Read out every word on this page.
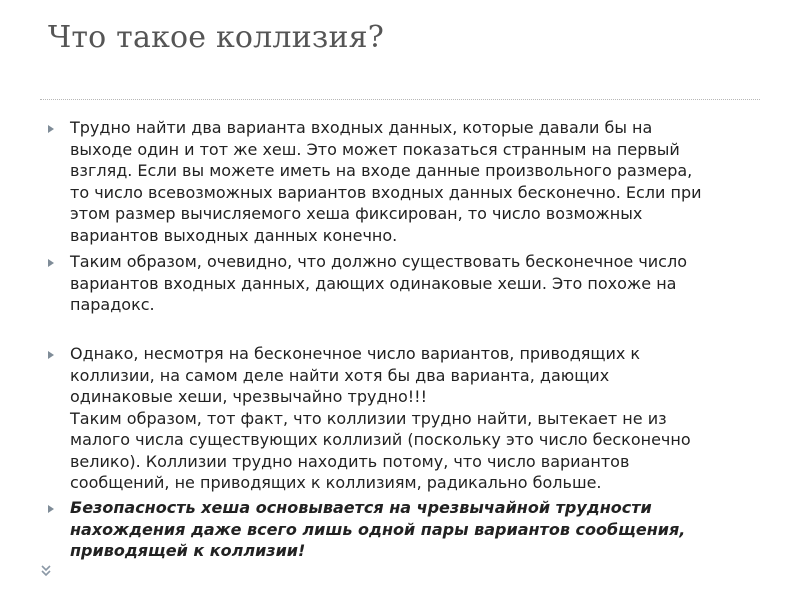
Что такое коллизия?
Трудно найти два варианта входных данных, которые давали бы на
выходе один и тот же хеш. Это может показаться странным на первый
взгляд. Если вы можете иметь на входе данные произвольного размера,
то число всевозможных вариантов входных данных бесконечно. Если при
этом размер вычисляемого хеша фиксирован, то число возможных
вариантов выходных данных конечно.
Таким образом, очевидно, что должно существовать бесконечное число
вариантов входных данных, дающих одинаковые хеши. Это похоже на
парадокс.
Однако, несмотря на бесконечное число вариантов, приводящих к
коллизии, на самом деле найти хотя бы два варианта, дающих
одинаковые хеши, чрезвычайно трудно!!!
Таким образом, тот факт, что коллизии трудно найти, вытекает не из
малого числа существующих коллизий (поскольку это число бесконечно
велико). Коллизии трудно находить потому, что число вариантов
сообщений, не приводящих к коллизиям, радикально больше.
Безопасность хеша основывается на чрезвычайной трудности
нахождения даже всего лишь одной пары вариантов сообщения,
приводящей к коллизии!
